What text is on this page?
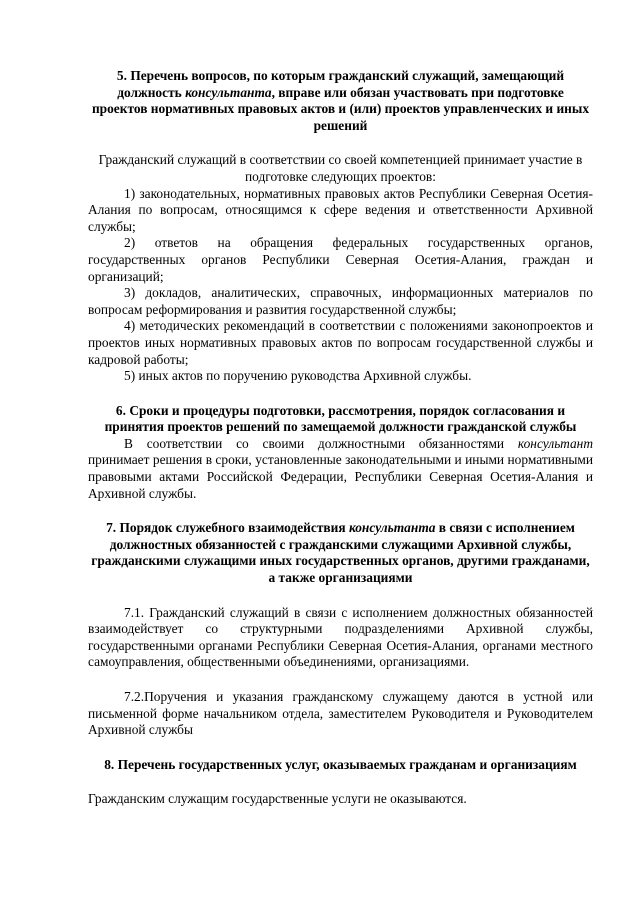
5. Перечень вопросов, по которым гражданский служащий, замещающий должность консультанта, вправе или обязан участвовать при подготовке проектов нормативных правовых актов и (или) проектов управленческих и иных решений

Гражданский служащий в соответствии со своей компетенцией принимает участие в подготовке следующих проектов:

1) законодательных, нормативных правовых актов Республики Северная Осетия-Алания по вопросам, относящимся к сфере ведения и ответственности Архивной службы;

2) ответов на обращения федеральных государственных органов, государственных органов Республики Северная Осетия-Алания, граждан и организаций;

3) докладов, аналитических, справочных, информационных материалов по вопросам реформирования и развития государственной службы;

4) методических рекомендаций в соответствии с положениями законопроектов и проектов иных нормативных правовых актов по вопросам государственной службы и кадровой работы;

5) иных актов по поручению руководства Архивной службы.

6. Сроки и процедуры подготовки, рассмотрения, порядок согласования и принятия проектов решений по замещаемой должности гражданской службы

В соответствии со своими должностными обязанностями консультант принимает решения в сроки, установленные законодательными и иными нормативными правовыми актами Российской Федерации, Республики Северная Осетия-Алания и Архивной службы.

7. Порядок служебного взаимодействия консультанта в связи с исполнением должностных обязанностей с гражданскими служащими Архивной службы, гражданскими служащими иных государственных органов, другими гражданами, а также организациями

7.1. Гражданский служащий в связи с исполнением должностных обязанностей взаимодействует со структурными подразделениями Архивной службы, государственными органами Республики Северная Осетия-Алания, органами местного самоуправления, общественными объединениями, организациями.

7.2.Поручения и указания гражданскому служащему даются в устной или письменной форме начальником отдела, заместителем Руководителя и Руководителем Архивной службы

8. Перечень государственных услуг, оказываемых гражданам и организациям

Гражданским служащим государственные услуги не оказываются.
